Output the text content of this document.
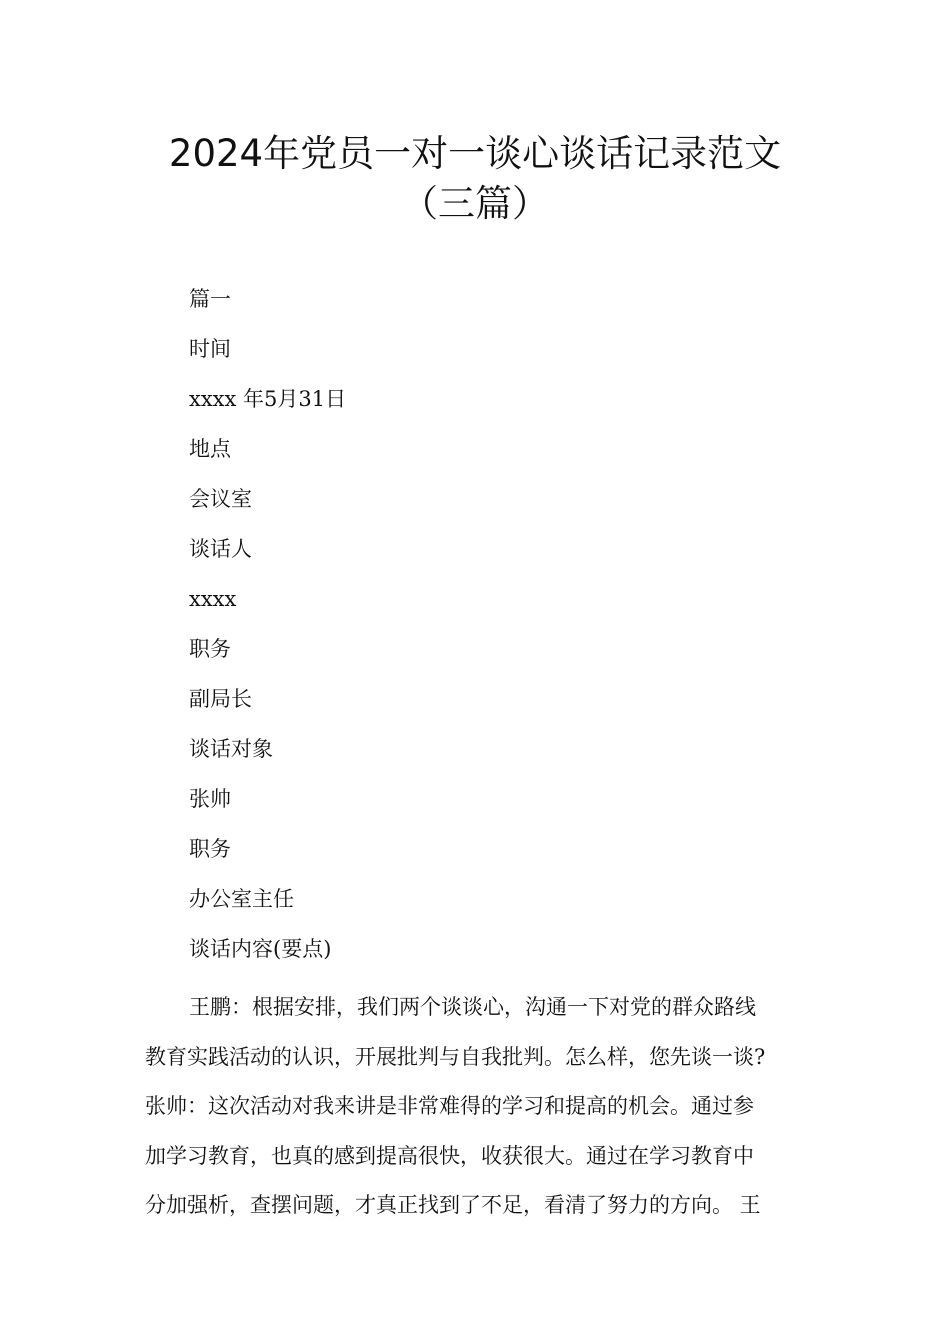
2024年党员一对一谈心谈话记录范文
（三篇）
篇一
时间
xxxx 年5月31日
地点
会议室
谈话人
xxxx
职务
副局长
谈话对象
张帅
职务
办公室主任
谈话内容(要点)
王鹏：根据安排，我们两个谈谈心，沟通一下对党的群众路线
教育实践活动的认识，开展批判与自我批判。怎么样，您先谈一谈?
张帅：这次活动对我来讲是非常难得的学习和提高的机会。通过参
加学习教育，也真的感到提高很快，收获很大。通过在学习教育中
分加强析，查摆问题，才真正找到了不足，看清了努力的方向。 王
